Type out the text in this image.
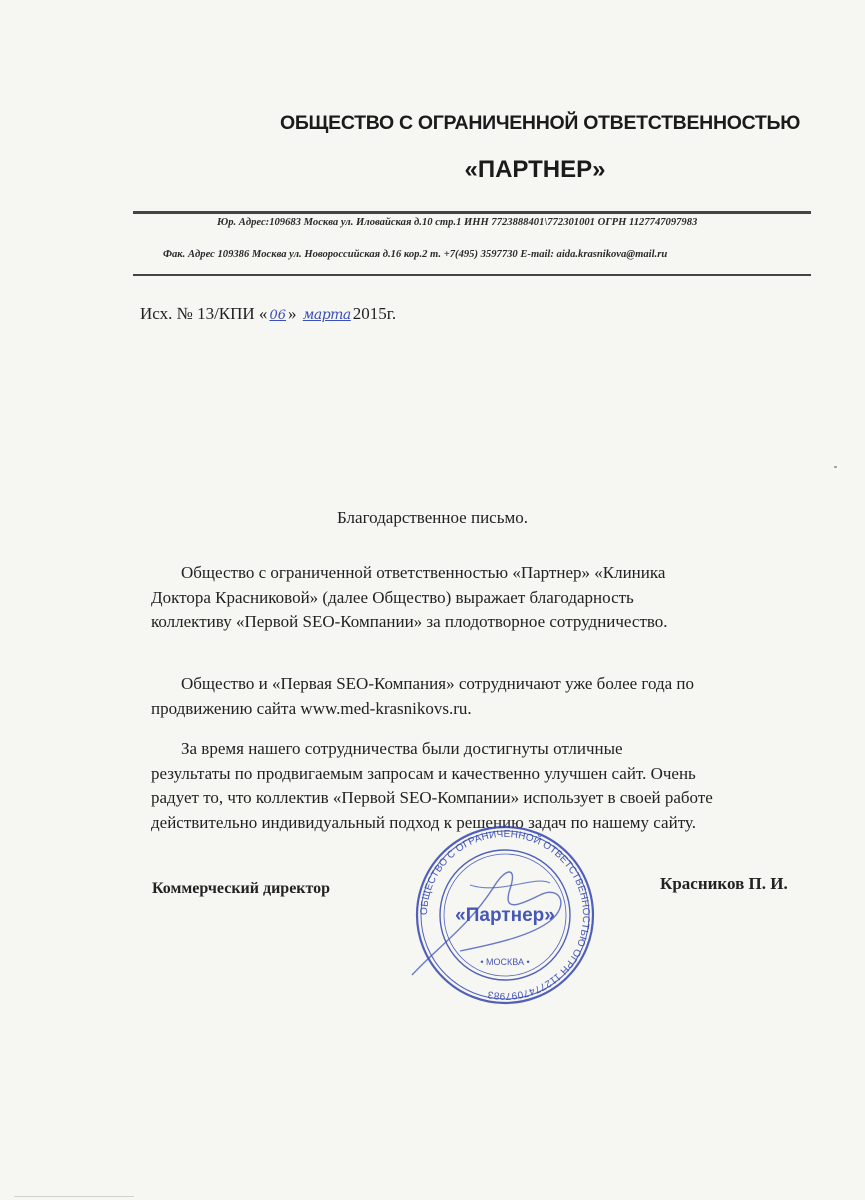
ОБЩЕСТВО С ОГРАНИЧЕННОЙ ОТВЕТСТВЕННОСТЬЮ
«ПАРТНЕР»
Юр. Адрес:109683 Москва ул. Иловайская д.10 стр.1 ИНН 7723888401\772301001 ОГРН 1127747097983
Фак. Адрес 109386 Москва ул. Новороссийская д.16 кор.2 т. +7(495) 3597730 E-mail: aida.krasnikova@mail.ru
Исх. № 13/КПИ « 06 » марта 2015г.
Благодарственное письмо.
Общество с ограниченной ответственностью «Партнер» «Клиника
Доктора Красниковой» (далее Общество) выражает благодарность
коллективу «Первой SEO-Компании» за плодотворное сотрудничество.
Общество и «Первая SEO-Компания» сотрудничают уже более года по
продвижению сайта www.med-krasnikovs.ru.
За время нашего сотрудничества были достигнуты отличные
результаты по продвигаемым запросам и качественно улучшен сайт. Очень
радует то, что коллектив «Первой SEO-Компании» использует в своей работе
действительно индивидуальный подход к решению задач по нашему сайту.
Коммерческий директор	Красников П. И.
ОБЩЕСТВО С ОГРАНИЧЕННОЙ ОТВЕТСТВЕННОСТЬЮ ОГРН 1127747097983
«Партнер»
• МОСКВА •
